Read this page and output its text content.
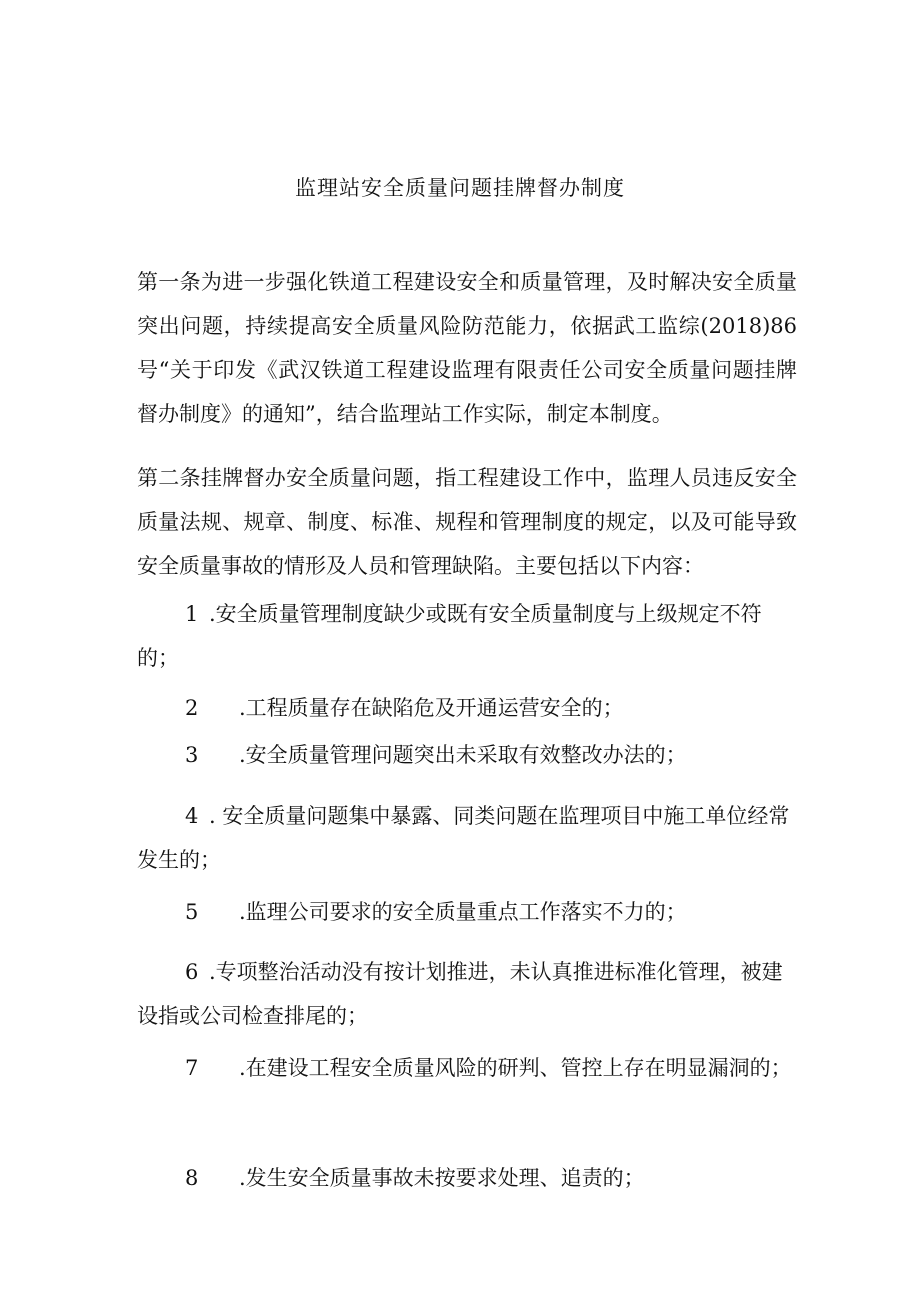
监理站安全质量问题挂牌督办制度
第一条为进一步强化铁道工程建设安全和质量管理，及时解决安全质量突出问题，持续提高安全质量风险防范能力，依据武工监综(2018)86号“关于印发《武汉铁道工程建设监理有限责任公司安全质量问题挂牌督办制度》的通知”，结合监理站工作实际，制定本制度。
第二条挂牌督办安全质量问题，指工程建设工作中，监理人员违反安全质量法规、规章、制度、标准、规程和管理制度的规定，以及可能导致安全质量事故的情形及人员和管理缺陷。主要包括以下内容：
1 .安全质量管理制度缺少或既有安全质量制度与上级规定不符的；
2 .工程质量存在缺陷危及开通运营安全的；
3 .安全质量管理问题突出未采取有效整改办法的；
4 . 安全质量问题集中暴露、同类问题在监理项目中施工单位经常发生的；
5 .监理公司要求的安全质量重点工作落实不力的；
6 .专项整治活动没有按计划推进，未认真推进标准化管理，被建设指或公司检查排尾的；
7 .在建设工程安全质量风险的研判、管控上存在明显漏洞的；
8 .发生安全质量事故未按要求处理、追责的；
